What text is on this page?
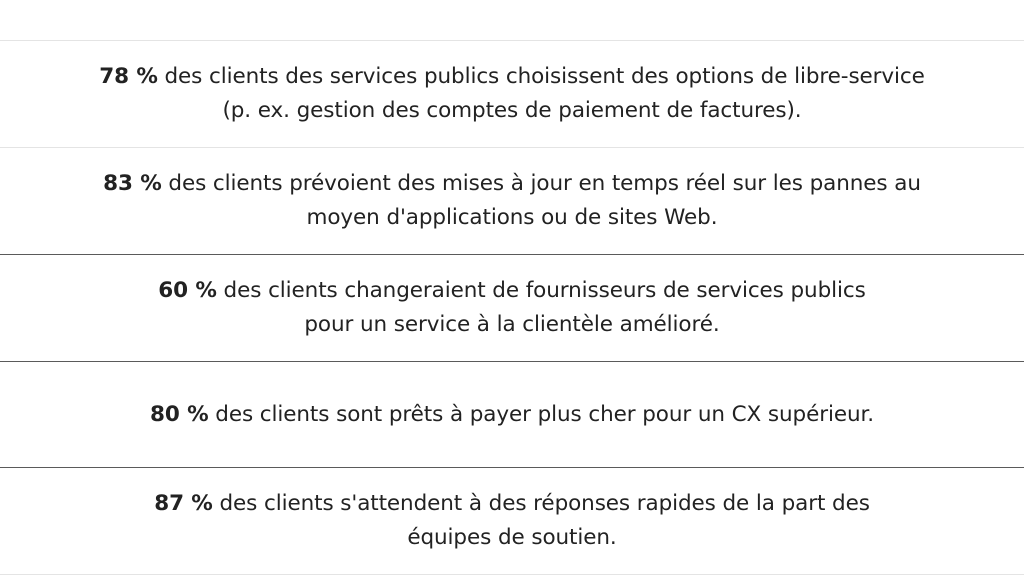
78 % des clients des services publics choisissent des options de libre-service
(p. ex. gestion des comptes de paiement de factures).
83 % des clients prévoient des mises à jour en temps réel sur les pannes au
moyen d'applications ou de sites Web.
60 % des clients changeraient de fournisseurs de services publics
pour un service à la clientèle amélioré.
80 % des clients sont prêts à payer plus cher pour un CX supérieur.
87 % des clients s'attendent à des réponses rapides de la part des
équipes de soutien.
